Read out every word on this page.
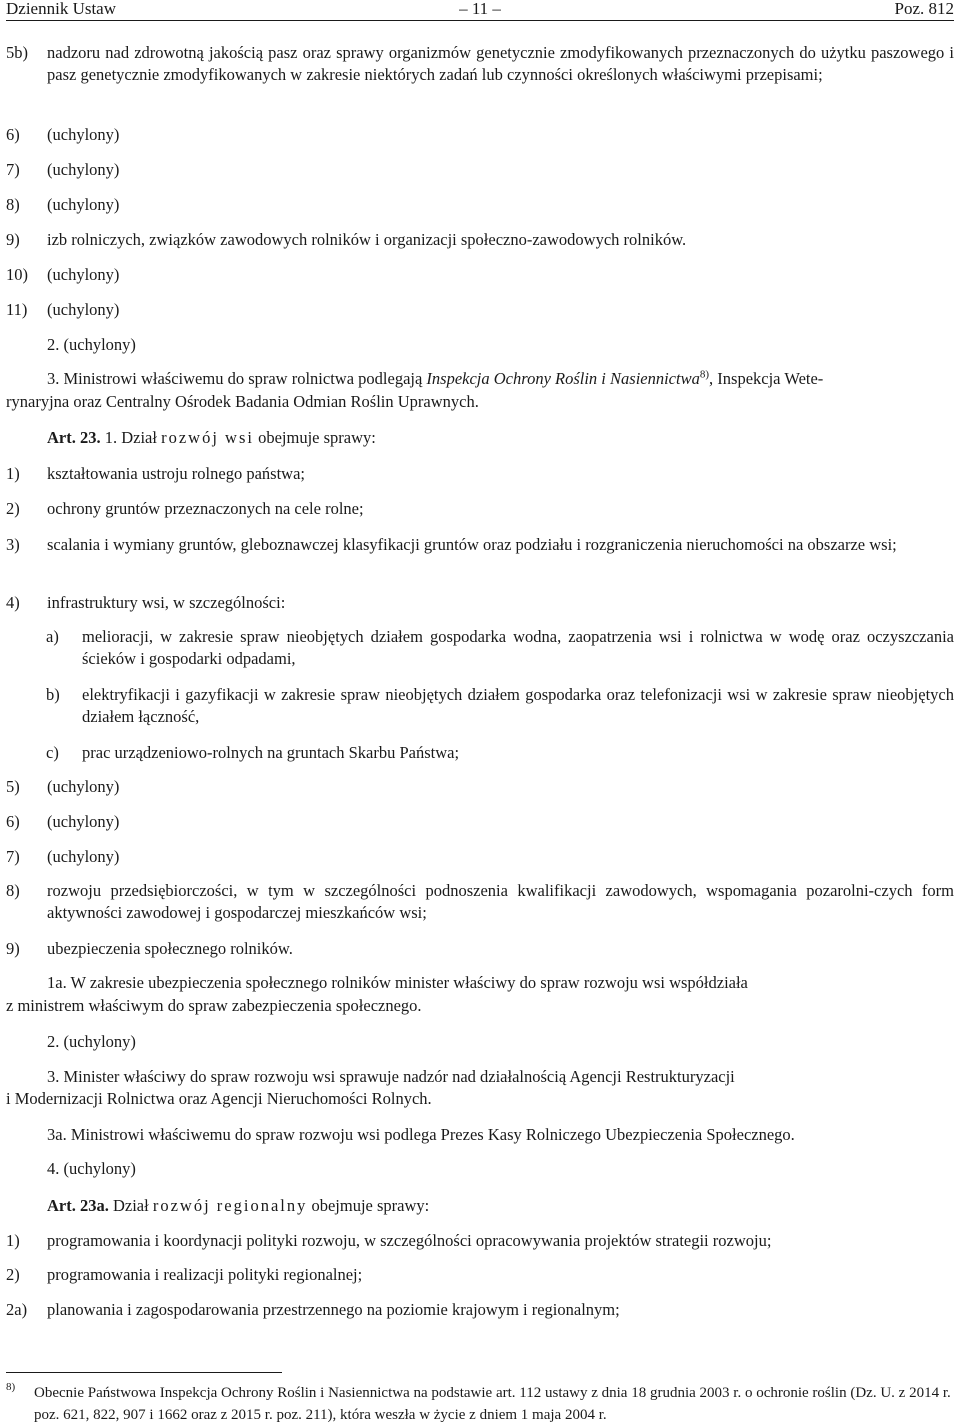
Dziennik Ustaw	– 11 –	Poz. 812
5b) nadzoru nad zdrowotną jakością pasz oraz sprawy organizmów genetycznie zmodyfikowanych przeznaczonych do użytku paszowego i pasz genetycznie zmodyfikowanych w zakresie niektórych zadań lub czynności określonych właściwymi przepisami;
6) (uchylony)
7) (uchylony)
8) (uchylony)
9) izb rolniczych, związków zawodowych rolników i organizacji społeczno-zawodowych rolników.
10) (uchylony)
11) (uchylony)
2. (uchylony)
3. Ministrowi właściwemu do spraw rolnictwa podlegają Inspekcja Ochrony Roślin i Nasiennictwa$^{8)}$, Inspekcja Wete-
rynaryjna oraz Centralny Ośrodek Badania Odmian Roślin Uprawnych.
Art. 23. 1. Dział rozwój wsi obejmuje sprawy:
1) kształtowania ustroju rolnego państwa;
2) ochrony gruntów przeznaczonych na cele rolne;
3) scalania i wymiany gruntów, gleboznawczej klasyfikacji gruntów oraz podziału i rozgraniczenia nieruchomości na obszarze wsi;
4) infrastruktury wsi, w szczególności:
a) melioracji, w zakresie spraw nieobjętych działem gospodarka wodna, zaopatrzenia wsi i rolnictwa w wodę oraz oczyszczania ścieków i gospodarki odpadami,
b) elektryfikacji i gazyfikacji w zakresie spraw nieobjętych działem gospodarka oraz telefonizacji wsi w zakresie spraw nieobjętych działem łączność,
c) prac urządzeniowo-rolnych na gruntach Skarbu Państwa;
5) (uchylony)
6) (uchylony)
7) (uchylony)
8) rozwoju przedsiębiorczości, w tym w szczególności podnoszenia kwalifikacji zawodowych, wspomagania pozarolni-czych form aktywności zawodowej i gospodarczej mieszkańców wsi;
9) ubezpieczenia społecznego rolników.
1a. W zakresie ubezpieczenia społecznego rolników minister właściwy do spraw rozwoju wsi współdziała
z ministrem właściwym do spraw zabezpieczenia społecznego.
2. (uchylony)
3. Minister właściwy do spraw rozwoju wsi sprawuje nadzór nad działalnością Agencji Restrukturyzacji
i Modernizacji Rolnictwa oraz Agencji Nieruchomości Rolnych.
3a. Ministrowi właściwemu do spraw rozwoju wsi podlega Prezes Kasy Rolniczego Ubezpieczenia Społecznego.
4. (uchylony)
Art. 23a. Dział rozwój regionalny obejmuje sprawy:
1) programowania i koordynacji polityki rozwoju, w szczególności opracowywania projektów strategii rozwoju;
2) programowania i realizacji polityki regionalnej;
2a) planowania i zagospodarowania przestrzennego na poziomie krajowym i regionalnym;
8) Obecnie Państwowa Inspekcja Ochrony Roślin i Nasiennictwa na podstawie art. 112 ustawy z dnia 18 grudnia 2003 r. o ochronie roślin (Dz. U. z 2014 r. poz. 621, 822, 907 i 1662 oraz z 2015 r. poz. 211), która weszła w życie z dniem 1 maja 2004 r.
